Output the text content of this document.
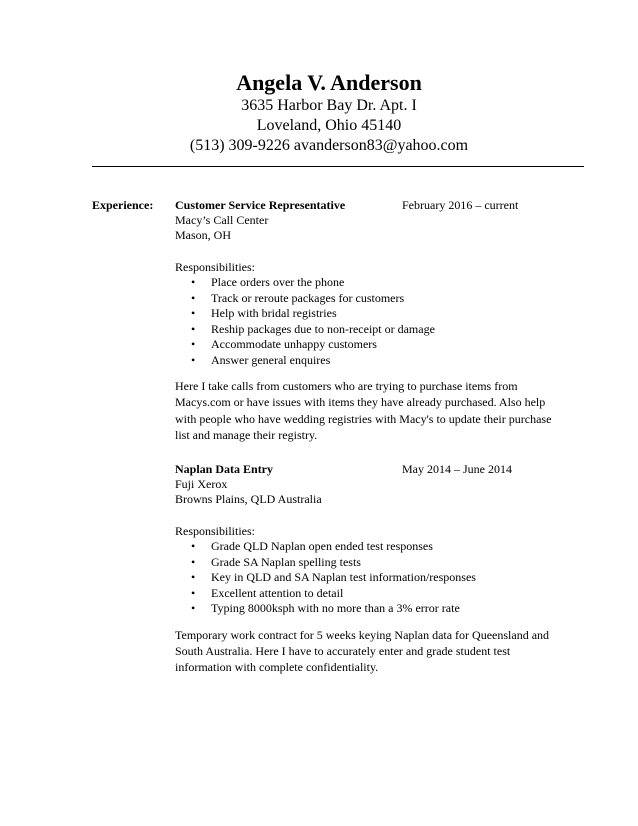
Angela V. Anderson
3635 Harbor Bay Dr. Apt. I
Loveland, Ohio 45140
(513) 309-9226 avanderson83@yahoo.com
Experience: Customer Service Representative	February 2016 – current
Macy’s Call Center
Mason, OH
Responsibilities:
• Place orders over the phone
• Track or reroute packages for customers
• Help with bridal registries
• Reship packages due to non-receipt or damage
• Accommodate unhappy customers
• Answer general enquires
Here I take calls from customers who are trying to purchase items from Macys.com or have issues with items they have already purchased. Also help with people who have wedding registries with Macy's to update their purchase list and manage their registry.
Naplan Data Entry	May 2014 – June 2014
Fuji Xerox
Browns Plains, QLD Australia
Responsibilities:
• Grade QLD Naplan open ended test responses
• Grade SA Naplan spelling tests
• Key in QLD and SA Naplan test information/responses
• Excellent attention to detail
• Typing 8000ksph with no more than a 3% error rate
Temporary work contract for 5 weeks keying Naplan data for Queensland and South Australia. Here I have to accurately enter and grade student test information with complete confidentiality.
